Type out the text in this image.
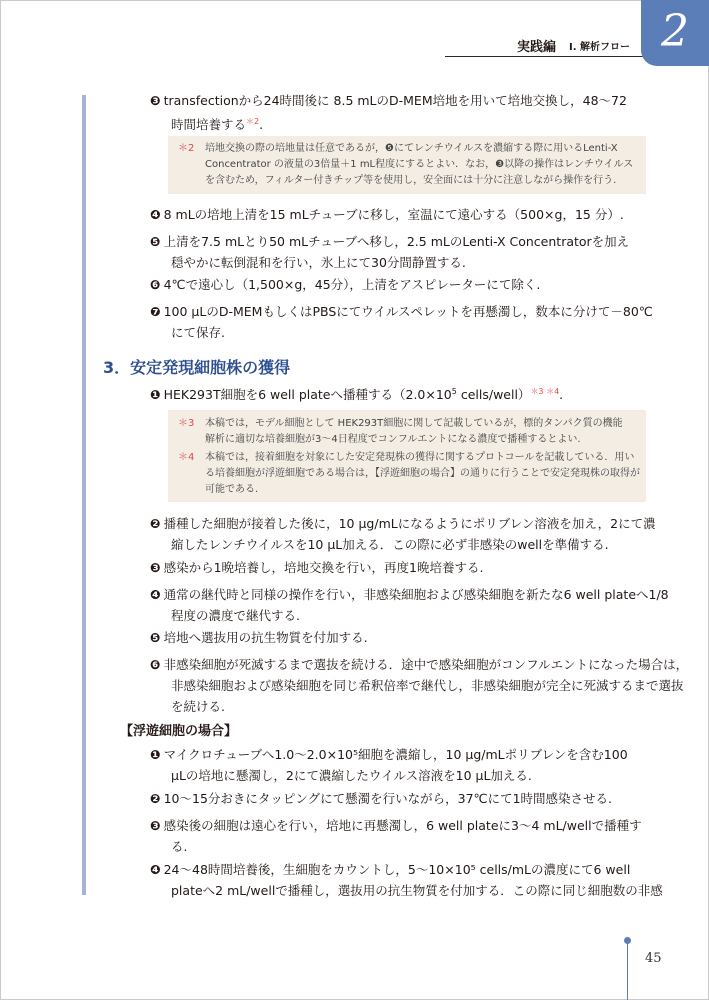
実践編 Ⅰ. 解析フロー 2
❸ transfectionから24時間後に 8.5 mLのD-MEM培地を用いて培地交換し，48～72
時間培養する$^{*2}$.
＊2 培地交換の際の培地量は任意であるが，❺にてレンチウイルスを濃縮する際に用いるLenti-X
Concentrator の液量の3倍量＋1 mL程度にするとよい．なお，❸以降の操作はレンチウイルス
を含むため，フィルター付きチップ等を使用し，安全面には十分に注意しながら操作を行う.
❹ 8 mLの培地上清を15 mLチューブに移し，室温にて遠心する（500×g，15 分）.
❺ 上清を7.5 mLとり50 mLチューブへ移し，2.5 mLのLenti-X Concentratorを加え
穏やかに転倒混和を行い，氷上にて30分間静置する.
❻ 4℃で遠心し（1,500×g，45分），上清をアスピレーターにて除く.
❼ 100 μLのD-MEMもしくはPBSにてウイルスペレットを再懸濁し，数本に分けて－80℃
にて保存.
3．安定発現細胞株の獲得
❶ HEK293T細胞を6 well plateへ播種する（$2.0\times 10^5$ cells/well）$^{*3 *4}$.
＊3 本稿では，モデル細胞として HEK293T細胞に関して記載しているが，標的タンパク質の機能
解析に適切な培養細胞が3～4日程度でコンフルエントになる濃度で播種するとよい.
＊4 本稿では，接着細胞を対象にした安定発現株の獲得に関するプロトコールを記載している．用い
る培養細胞が浮遊細胞である場合は，【浮遊細胞の場合】の通りに行うことで安定発現株の取得が
可能である.
❷ 播種した細胞が接着した後に，10 μg/mLになるようにポリブレン溶液を加え，2にて濃
縮したレンチウイルスを10 μL加える．この際に必ず非感染のwellを準備する.
❸ 感染から1晩培養し，培地交換を行い，再度1晩培養する.
❹ 通常の継代時と同様の操作を行い，非感染細胞および感染細胞を新たな6 well plateへ1/8
程度の濃度で継代する.
❺ 培地へ選抜用の抗生物質を付加する.
❻ 非感染細胞が死滅するまで選抜を続ける．途中で感染細胞がコンフルエントになった場合は，
非感染細胞および感染細胞を同じ希釈倍率で継代し，非感染細胞が完全に死滅するまで選抜
を続ける.
【浮遊細胞の場合】
❶ マイクロチューブへ1.0～2.0×10⁵細胞を濃縮し，10 μg/mLポリブレンを含む100
μLの培地に懸濁し，2にて濃縮したウイルス溶液を10 μL加える.
❷ 10～15分おきにタッピングにて懸濁を行いながら，37℃にて1時間感染させる.
❸ 感染後の細胞は遠心を行い，培地に再懸濁し，6 well plateに3～4 mL/wellで播種す
る.
❹ 24～48時間培養後，生細胞をカウントし，5～10×10⁵ cells/mLの濃度にて6 well
plateへ2 mL/wellで播種し，選抜用の抗生物質を付加する．この際に同じ細胞数の非感
45
